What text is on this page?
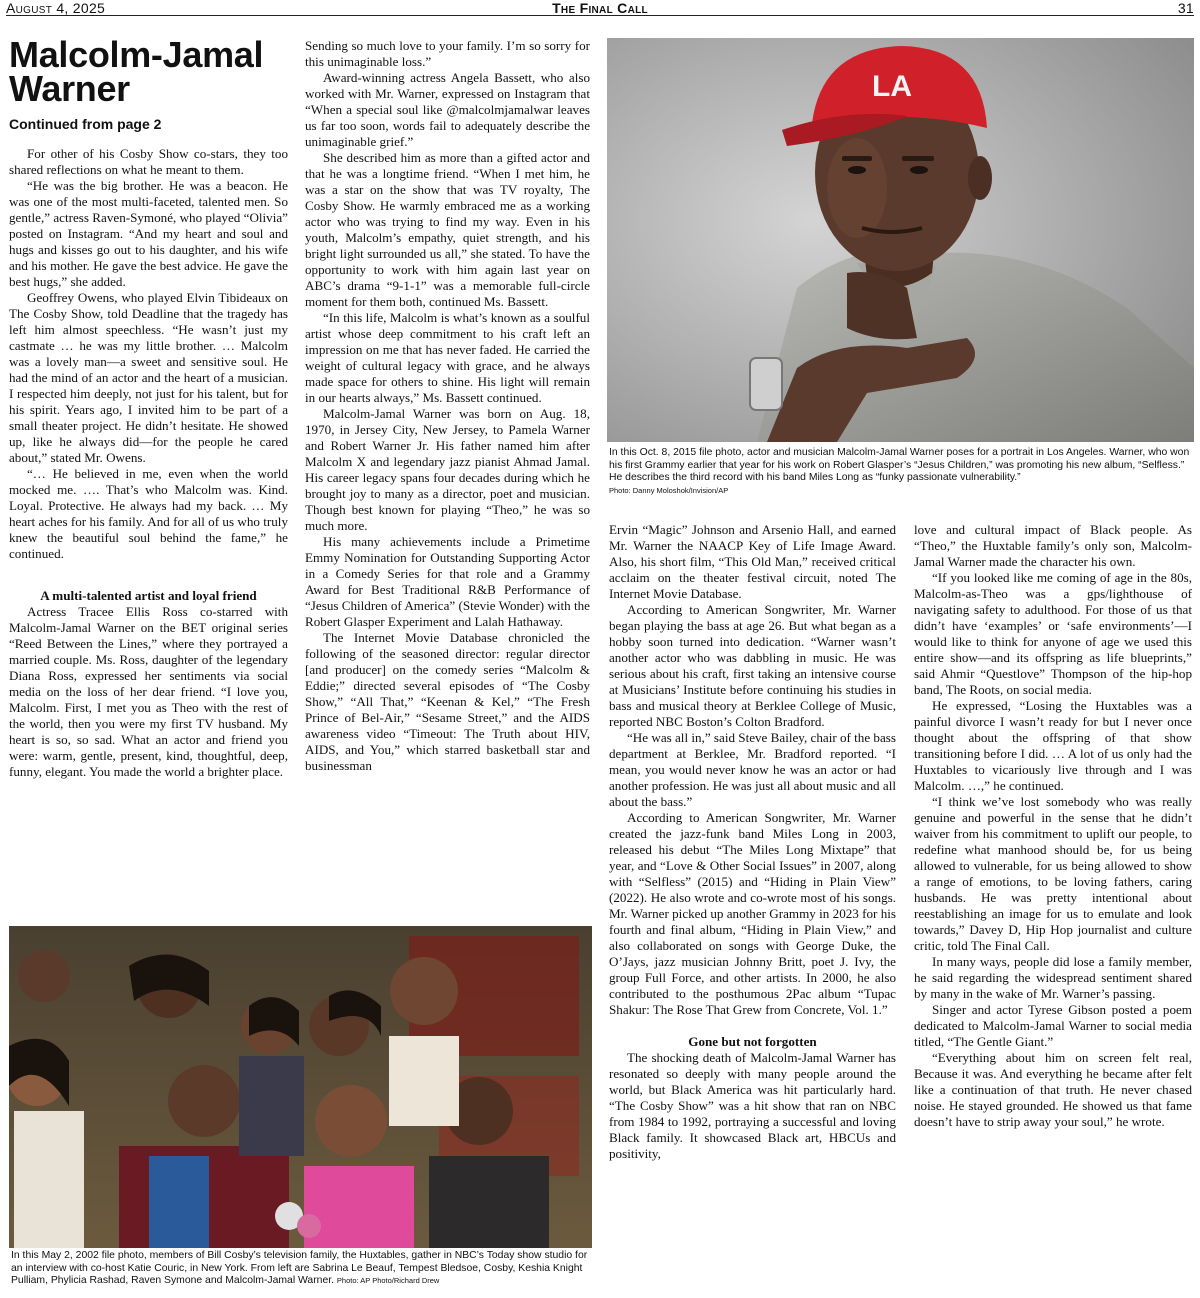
August 4, 2025	The Final Call	31
Malcolm-Jamal Warner
Continued from page 2

For other of his Cosby Show co-stars, they too shared reflections on what he meant to them.

“He was the big brother. He was a beacon. He was one of the most multi-faceted, talented men. So gentle,” actress Raven-Symoné, who played “Olivia” posted on Instagram. “And my heart and soul and hugs and kisses go out to his daughter, and his wife and his mother. He gave the best advice. He gave the best hugs,” she added.

Geoffrey Owens, who played Elvin Tibideaux on The Cosby Show, told Deadline that the tragedy has left him almost speechless. “He wasn’t just my castmate … he was my little brother. … Malcolm was a lovely man—a sweet and sensitive soul. He had the mind of an actor and the heart of a musician. I respected him deeply, not just for his talent, but for his spirit. Years ago, I invited him to be part of a small theater project. He didn’t hesitate. He showed up, like he always did—for the people he cared about,” stated Mr. Owens.

“… He believed in me, even when the world mocked me. …. That’s who Malcolm was. Kind. Loyal. Protective. He always had my back. … My heart aches for his family. And for all of us who truly knew the beautiful soul behind the fame,” he continued.

A multi-talented artist and loyal friend

Actress Tracee Ellis Ross co-starred with Malcolm-Jamal Warner on the BET original series “Reed Between the Lines,” where they portrayed a married couple. Ms. Ross, daughter of the legendary Diana Ross, expressed her sentiments via social media on the loss of her dear friend. “I love you, Malcolm. First, I met you as Theo with the rest of the world, then you were my first TV husband. My heart is so, so sad. What an actor and friend you were: warm, gentle, present, kind, thoughtful, deep, funny, elegant. You made the world a brighter place.

Sending so much love to your family. I’m so sorry for this unimaginable loss.”

Award-winning actress Angela Bassett, who also worked with Mr. Warner, expressed on Instagram that “When a special soul like @malcolmjamalwar leaves us far too soon, words fail to adequately describe the unimaginable grief.”

She described him as more than a gifted actor and that he was a longtime friend. “When I met him, he was a star on the show that was TV royalty, The Cosby Show. He warmly embraced me as a working actor who was trying to find my way. Even in his youth, Malcolm’s empathy, quiet strength, and his bright light surrounded us all,” she stated. To have the opportunity to work with him again last year on ABC’s drama “9-1-1” was a memorable full-circle moment for them both, continued Ms. Bassett.

“In this life, Malcolm is what’s known as a soulful artist whose deep commitment to his craft left an impression on me that has never faded. He carried the weight of cultural legacy with grace, and he always made space for others to shine. His light will remain in our hearts always,” Ms. Bassett continued.

Malcolm-Jamal Warner was born on Aug. 18, 1970, in Jersey City, New Jersey, to Pamela Warner and Robert Warner Jr. His father named him after Malcolm X and legendary jazz pianist Ahmad Jamal. His career legacy spans four decades during which he brought joy to many as a director, poet and musician. Though best known for playing “Theo,” he was so much more.

His many achievements include a Primetime Emmy Nomination for Outstanding Supporting Actor in a Comedy Series for that role and a Grammy Award for Best Traditional R&B Performance of “Jesus Children of America” (Stevie Wonder) with the Robert Glasper Experiment and Lalah Hathaway.

The Internet Movie Database chronicled the following of the seasoned director: regular director [and producer] on the comedy series “Malcolm & Eddie;” directed several episodes of “The Cosby Show,” “All That,” “Keenan & Kel,” “The Fresh Prince of Bel-Air,” “Sesame Street,” and the AIDS awareness video “Timeout: The Truth about HIV, AIDS, and You,” which starred basketball star and businessman

LA
In this Oct. 8, 2015 file photo, actor and musician Malcolm-Jamal Warner poses for a portrait in Los Angeles. Warner, who won his first Grammy earlier that year for his work on Robert Glasper’s “Jesus Children,” was promoting his new album, “Selfless.” He describes the third record with his band Miles Long as “funky passionate vulnerability.”
Photo: Danny Moloshok/Invision/AP

Ervin “Magic” Johnson and Arsenio Hall, and earned Mr. Warner the NAACP Key of Life Image Award. Also, his short film, “This Old Man,” received critical acclaim on the theater festival circuit, noted The Internet Movie Database.

According to American Songwriter, Mr. Warner began playing the bass at age 26. But what began as a hobby soon turned into dedication. “Warner wasn’t another actor who was dabbling in music. He was serious about his craft, first taking an intensive course at Musicians’ Institute before continuing his studies in bass and musical theory at Berklee College of Music, reported NBC Boston’s Colton Bradford.

“He was all in,” said Steve Bailey, chair of the bass department at Berklee, Mr. Bradford reported. “I mean, you would never know he was an actor or had another profession. He was just all about music and all about the bass.”

According to American Songwriter, Mr. Warner created the jazz-funk band Miles Long in 2003, released his debut “The Miles Long Mixtape” that year, and “Love & Other Social Issues” in 2007, along with “Selfless” (2015) and “Hiding in Plain View” (2022). He also wrote and co-wrote most of his songs. Mr. Warner picked up another Grammy in 2023 for his fourth and final album, “Hiding in Plain View,” and also collaborated on songs with George Duke, the O’Jays, jazz musician Johnny Britt, poet J. Ivy, the group Full Force, and other artists. In 2000, he also contributed to the posthumous 2Pac album “Tupac Shakur: The Rose That Grew from Concrete, Vol. 1.”

Gone but not forgotten

The shocking death of Malcolm-Jamal Warner has resonated so deeply with many people around the world, but Black America was hit particularly hard. “The Cosby Show” was a hit show that ran on NBC from 1984 to 1992, portraying a successful and loving Black family. It showcased Black art, HBCUs and positivity,

love and cultural impact of Black people. As “Theo,” the Huxtable family’s only son, Malcolm-Jamal Warner made the character his own.

“If you looked like me coming of age in the 80s, Malcolm-as-Theo was a gps/lighthouse of navigating safety to adulthood. For those of us that didn’t have ‘examples’ or ‘safe environments’—I would like to think for anyone of age we used this entire show—and its offspring as life blueprints,” said Ahmir “Questlove” Thompson of the hip-hop band, The Roots, on social media.

He expressed, “Losing the Huxtables was a painful divorce I wasn’t ready for but I never once thought about the offspring of that show transitioning before I did. … A lot of us only had the Huxtables to vicariously live through and I was Malcolm. …,” he continued.

“I think we’ve lost somebody who was really genuine and powerful in the sense that he didn’t waiver from his commitment to uplift our people, to redefine what manhood should be, for us being allowed to vulnerable, for us being allowed to show a range of emotions, to be loving fathers, caring husbands. He was pretty intentional about reestablishing an image for us to emulate and look towards,” Davey D, Hip Hop journalist and culture critic, told The Final Call.

In many ways, people did lose a family member, he said regarding the widespread sentiment shared by many in the wake of Mr. Warner’s passing.

Singer and actor Tyrese Gibson posted a poem dedicated to Malcolm-Jamal Warner to social media titled, “The Gentle Giant.”

“Everything about him on screen felt real, Because it was. And everything he became after felt like a continuation of that truth. He never chased noise. He stayed grounded. He showed us that fame doesn’t have to strip away your soul,” he wrote.

In this May 2, 2002 file photo, members of Bill Cosby’s television family, the Huxtables, gather in NBC’s Today show studio for an interview with co-host Katie Couric, in New York. From left are Sabrina Le Beauf, Tempest Bledsoe, Cosby, Keshia Knight Pulliam, Phylicia Rashad, Raven Symone and Malcolm-Jamal Warner. Photo: AP Photo/Richard Drew
